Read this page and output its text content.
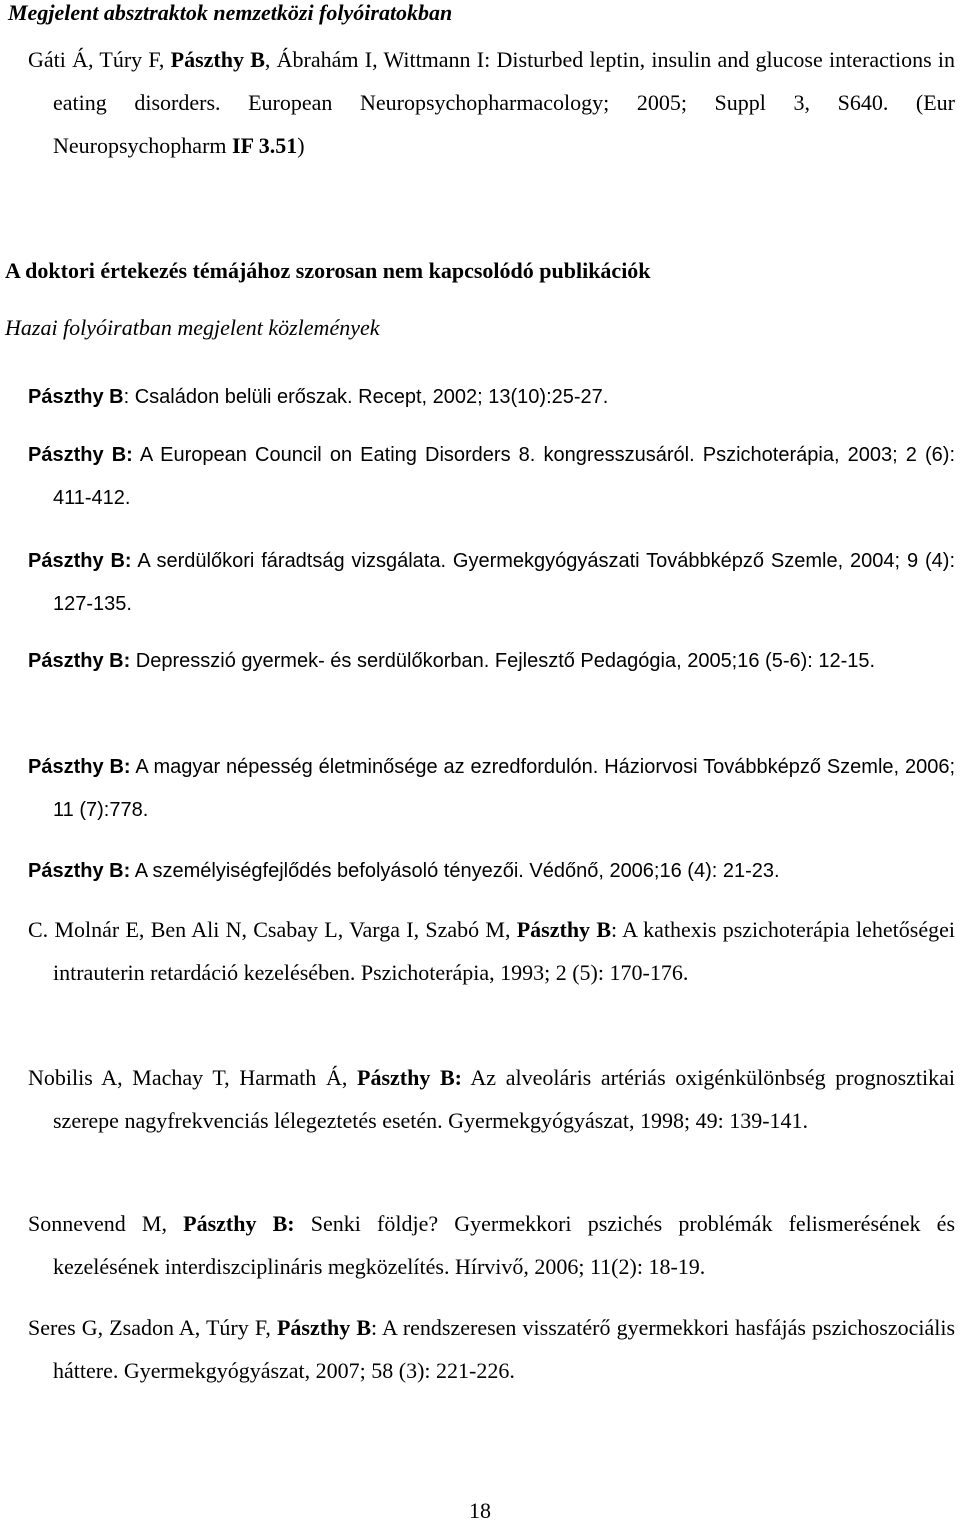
Megjelent absztraktok nemzetközi folyóiratokban

Gáti Á, Túry F, Pászthy B, Ábrahám I, Wittmann I: Disturbed leptin, insulin and glucose interactions in eating disorders. European Neuropsychopharmacology; 2005; Suppl 3, S640. (Eur Neuropsychopharm IF 3.51)

A doktori értekezés témájához szorosan nem kapcsolódó publikációk

Hazai folyóiratban megjelent közlemények

Pászthy B: Családon belüli erőszak. Recept, 2002; 13(10):25-27.

Pászthy B: A European Council on Eating Disorders 8. kongresszusáról. Pszichoterápia, 2003; 2 (6): 411-412.

Pászthy B: A serdülőkori fáradtság vizsgálata. Gyermekgyógyászati Továbbképző Szemle, 2004; 9 (4): 127-135.

Pászthy B: Depresszió gyermek- és serdülőkorban. Fejlesztő Pedagógia, 2005;16 (5-6): 12-15.

Pászthy B: A magyar népesség életminősége az ezredfordulón. Háziorvosi Továbbképző Szemle, 2006; 11 (7):778.

Pászthy B: A személyiségfejlődés befolyásoló tényezői. Védőnő, 2006;16 (4): 21-23.

C. Molnár E, Ben Ali N, Csabay L, Varga I, Szabó M, Pászthy B: A kathexis pszichoterápia lehetőségei intrauterin retardáció kezelésében. Pszichoterápia, 1993; 2 (5): 170-176.

Nobilis A, Machay T, Harmath Á, Pászthy B: Az alveoláris artériás oxigénkülönbség prognosztikai szerepe nagyfrekvenciás lélegeztetés esetén. Gyermekgyógyászat, 1998; 49: 139-141.

Sonnevend M, Pászthy B: Senki földje? Gyermekkori pszichés problémák felismerésének és kezelésének interdiszciplináris megközelítés. Hírvivő, 2006; 11(2): 18-19.

Seres G, Zsadon A, Túry F, Pászthy B: A rendszeresen visszatérő gyermekkori hasfájás pszichoszociális háttere. Gyermekgyógyászat, 2007; 58 (3): 221-226.

18
